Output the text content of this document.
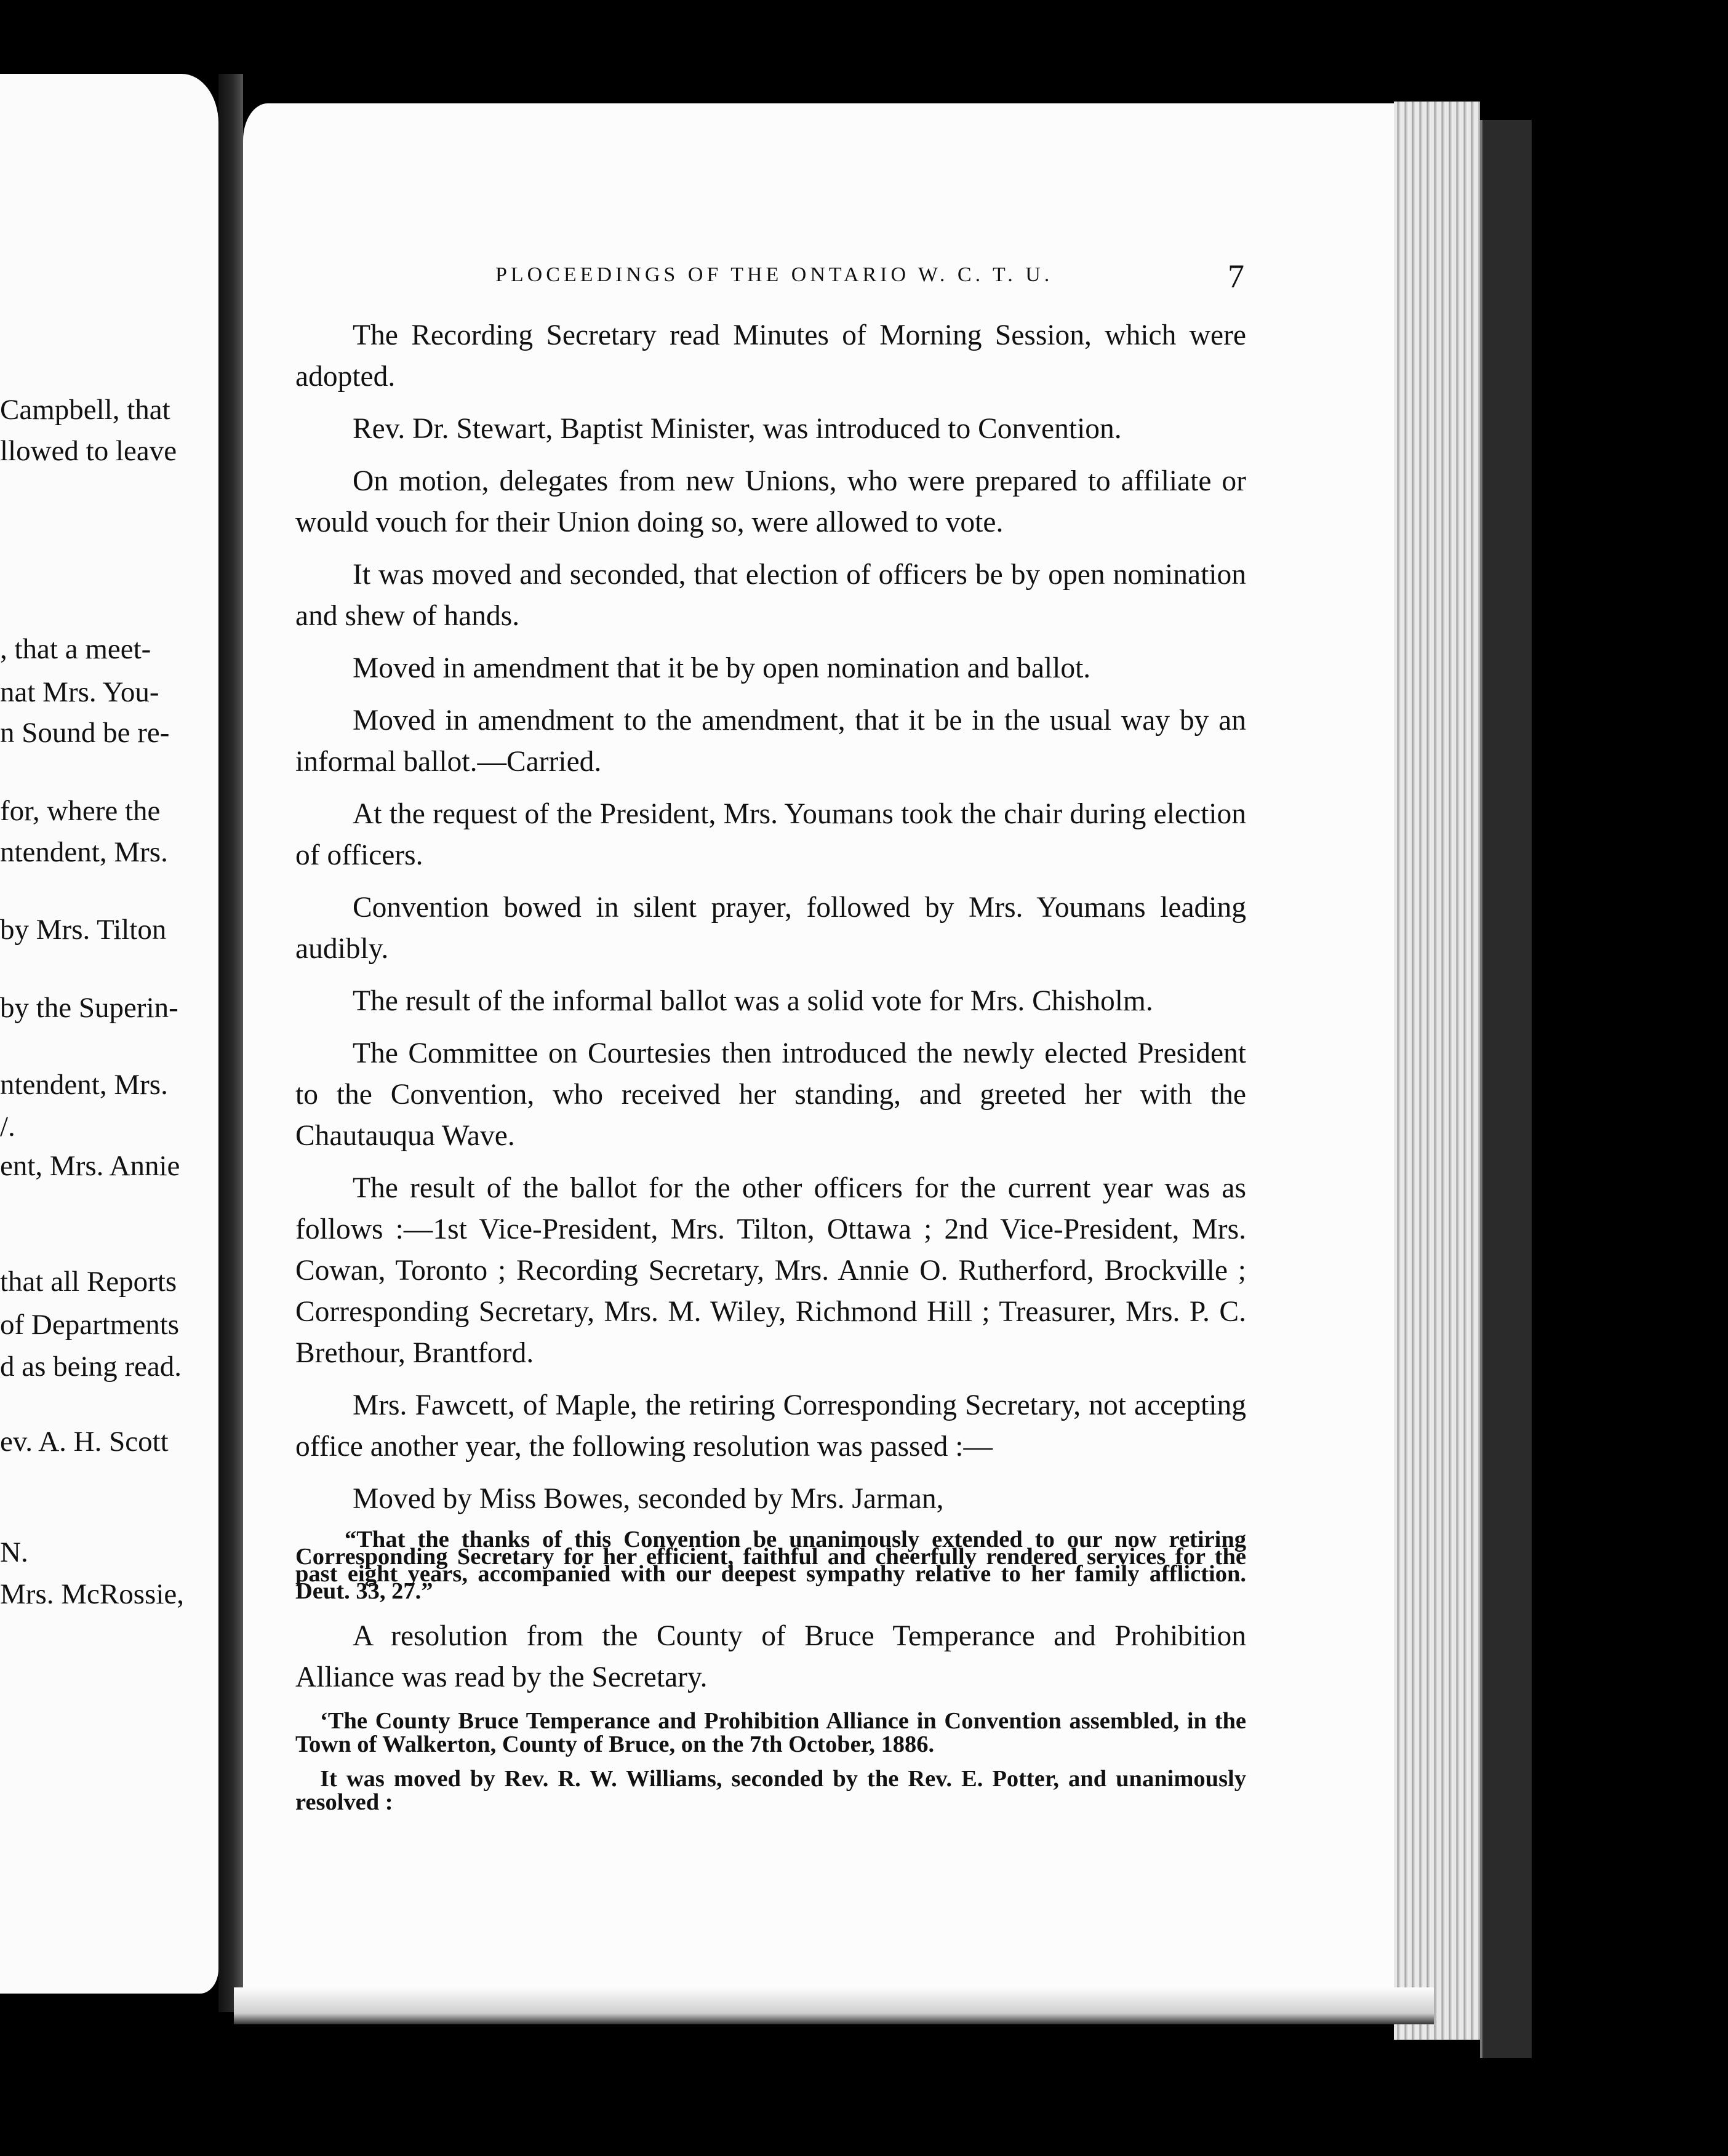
Campbell, that
llowed to leave
, that a meet-
nat Mrs. You-
n Sound be re-
for, where the
ntendent, Mrs.
by Mrs. Tilton
by the Superin-
ntendent, Mrs.
/.
ent, Mrs. Annie
that all Reports
of Departments
d as being read.
ev. A. H. Scott
N.
Mrs. McRossie,
PLOCEEDINGS OF THE ONTARIO W. C. T. U.	7

The Recording Secretary read Minutes of Morning Session, which were adopted.

Rev. Dr. Stewart, Baptist Minister, was introduced to Convention.

On motion, delegates from new Unions, who were prepared to affiliate or would vouch for their Union doing so, were allowed to vote.

It was moved and seconded, that election of officers be by open nomination and shew of hands.

Moved in amendment that it be by open nomination and ballot.

Moved in amendment to the amendment, that it be in the usual way by an informal ballot.—Carried.

At the request of the President, Mrs. Youmans took the chair during election of officers.

Convention bowed in silent prayer, followed by Mrs. Youmans leading audibly.

The result of the informal ballot was a solid vote for Mrs. Chisholm.

The Committee on Courtesies then introduced the newly elected President to the Convention, who received her standing, and greeted her with the Chautauqua Wave.

The result of the ballot for the other officers for the current year was as follows :—1st Vice-President, Mrs. Tilton, Ottawa ; 2nd Vice-President, Mrs. Cowan, Toronto ; Recording Secretary, Mrs. Annie O. Rutherford, Brockville ; Corresponding Secretary, Mrs. M. Wiley, Richmond Hill ; Treasurer, Mrs. P. C. Brethour, Brantford.

Mrs. Fawcett, of Maple, the retiring Corresponding Secretary, not accepting office another year, the following resolution was passed :—

Moved by Miss Bowes, seconded by Mrs. Jarman,

“That the thanks of this Convention be unanimously extended to our now retiring Corresponding Secretary for her efficient, faithful and cheerfully rendered services for the past eight years, accompanied with our deepest sympathy relative to her family affliction. Deut. 33, 27.”

A resolution from the County of Bruce Temperance and Prohibition Alliance was read by the Secretary.

‘The County Bruce Temperance and Prohibition Alliance in Convention assembled, in the Town of Walkerton, County of Bruce, on the 7th October, 1886.

It was moved by Rev. R. W. Williams, seconded by the Rev. E. Potter, and unanimously resolved :
